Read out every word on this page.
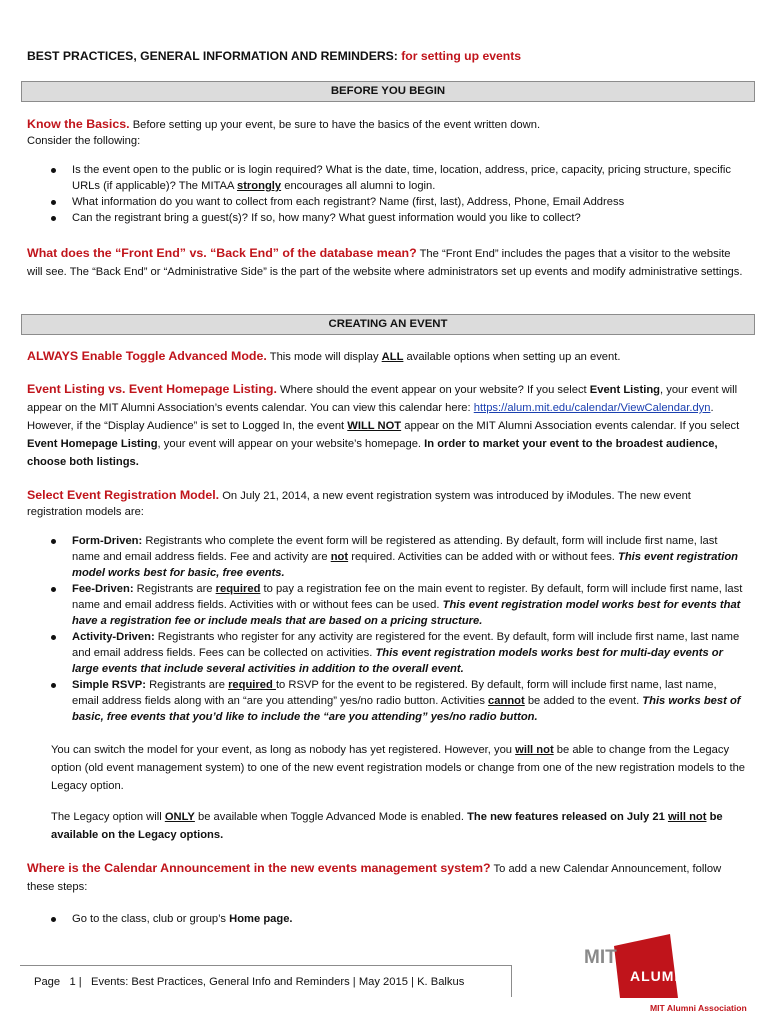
BEST PRACTICES, GENERAL INFORMATION AND REMINDERS: for setting up events
BEFORE YOU BEGIN
Know the Basics. Before setting up your event, be sure to have the basics of the event written down.
Consider the following:
Is the event open to the public or is login required? What is the date, time, location, address, price, capacity, pricing structure, specific URLs (if applicable)? The MITAA strongly encourages all alumni to login.
What information do you want to collect from each registrant? Name (first, last), Address, Phone, Email Address
Can the registrant bring a guest(s)? If so, how many? What guest information would you like to collect?
What does the “Front End” vs. “Back End” of the database mean? The “Front End” includes the pages that a visitor to the website will see. The “Back End” or “Administrative Side” is the part of the website where administrators set up events and modify administrative settings.
CREATING AN EVENT
ALWAYS Enable Toggle Advanced Mode. This mode will display ALL available options when setting up an event.
Event Listing vs. Event Homepage Listing. Where should the event appear on your website? If you select Event Listing, your event will appear on the MIT Alumni Association’s events calendar. You can view this calendar here: https://alum.mit.edu/calendar/ViewCalendar.dyn. However, if the “Display Audience” is set to Logged In, the event WILL NOT appear on the MIT Alumni Association events calendar. If you select Event Homepage Listing, your event will appear on your website’s homepage. In order to market your event to the broadest audience, choose both listings.
Select Event Registration Model. On July 21, 2014, a new event registration system was introduced by iModules. The new event registration models are:
Form-Driven: Registrants who complete the event form will be registered as attending. By default, form will include first name, last name and email address fields. Fee and activity are not required. Activities can be added with or without fees. This event registration model works best for basic, free events.
Fee-Driven: Registrants are required to pay a registration fee on the main event to register. By default, form will include first name, last name and email address fields. Activities with or without fees can be used. This event registration model works best for events that have a registration fee or include meals that are based on a pricing structure.
Activity-Driven: Registrants who register for any activity are registered for the event. By default, form will include first name, last name and email address fields. Fees can be collected on activities. This event registration models works best for multi-day events or large events that include several activities in addition to the overall event.
Simple RSVP: Registrants are required to RSVP for the event to be registered. By default, form will include first name, last name, email address fields along with an “are you attending” yes/no radio button. Activities cannot be added to the event. This works best of basic, free events that you’d like to include the “are you attending” yes/no radio button.
You can switch the model for your event, as long as nobody has yet registered. However, you will not be able to change from the Legacy option (old event management system) to one of the new event registration models or change from one of the new registration models to the Legacy option.
The Legacy option will ONLY be available when Toggle Advanced Mode is enabled. The new features released on July 21 will not be available on the Legacy options.
Where is the Calendar Announcement in the new events management system? To add a new Calendar Announcement, follow these steps:
Go to the class, club or group’s Home page.
Page   1 |   Events: Best Practices, General Info and Reminders | May 2015 | K. Balkus
MIT
ALUMNI
MIT Alumni Association
